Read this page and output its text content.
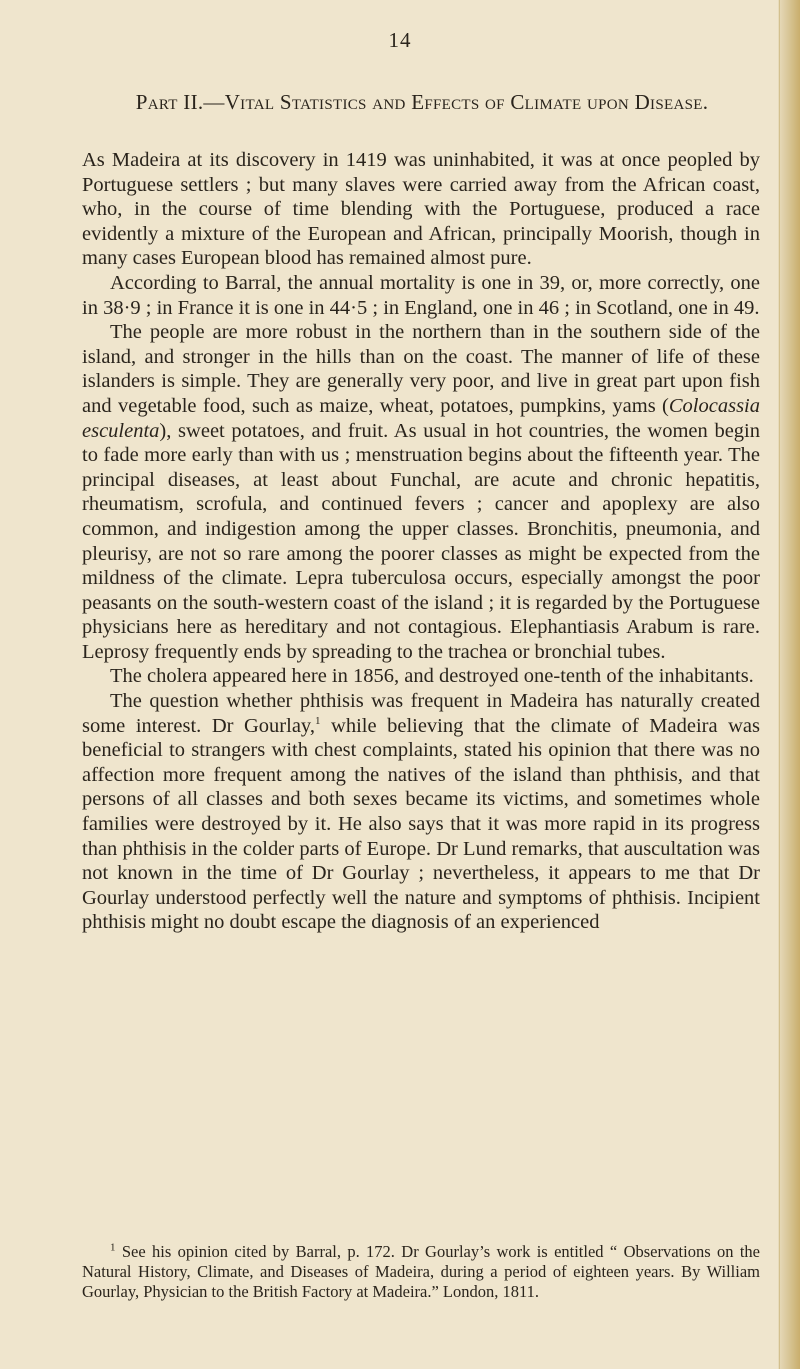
14
Part II.—Vital Statistics and Effects of Climate upon Disease.

As Madeira at its discovery in 1419 was uninhabited, it was at once peopled by Portuguese settlers ; but many slaves were carried away from the African coast, who, in the course of time blending with the Portuguese, produced a race evidently a mixture of the European and African, principally Moorish, though in many cases European blood has remained almost pure.

According to Barral, the annual mortality is one in 39, or, more correctly, one in 38·9 ; in France it is one in 44·5 ; in England, one in 46 ; in Scotland, one in 49.

The people are more robust in the northern than in the southern side of the island, and stronger in the hills than on the coast. The manner of life of these islanders is simple. They are generally very poor, and live in great part upon fish and vegetable food, such as maize, wheat, potatoes, pumpkins, yams (Colocassia esculenta), sweet potatoes, and fruit. As usual in hot countries, the women begin to fade more early than with us ; menstruation begins about the fifteenth year. The principal diseases, at least about Funchal, are acute and chronic hepatitis, rheumatism, scrofula, and continued fevers ; cancer and apoplexy are also common, and indigestion among the upper classes. Bronchitis, pneumonia, and pleurisy, are not so rare among the poorer classes as might be expected from the mildness of the climate. Lepra tuberculosa occurs, especially amongst the poor peasants on the south-western coast of the island ; it is regarded by the Portuguese physicians here as hereditary and not contagious. Elephantiasis Arabum is rare. Leprosy frequently ends by spreading to the trachea or bronchial tubes.

The cholera appeared here in 1856, and destroyed one-tenth of the inhabitants.

The question whether phthisis was frequent in Madeira has naturally created some interest. Dr Gourlay,$^1$ while believing that the climate of Madeira was beneficial to strangers with chest complaints, stated his opinion that there was no affection more frequent among the natives of the island than phthisis, and that persons of all classes and both sexes became its victims, and sometimes whole families were destroyed by it. He also says that it was more rapid in its progress than phthisis in the colder parts of Europe. Dr Lund remarks, that auscultation was not known in the time of Dr Gourlay ; nevertheless, it appears to me that Dr Gourlay understood perfectly well the nature and symptoms of phthisis. Incipient phthisis might no doubt escape the diagnosis of an experienced

$^1$ See his opinion cited by Barral, p. 172. Dr Gourlay’s work is entitled “ Observations on the Natural History, Climate, and Diseases of Madeira, during a period of eighteen years. By William Gourlay, Physician to the British Factory at Madeira.” London, 1811.
